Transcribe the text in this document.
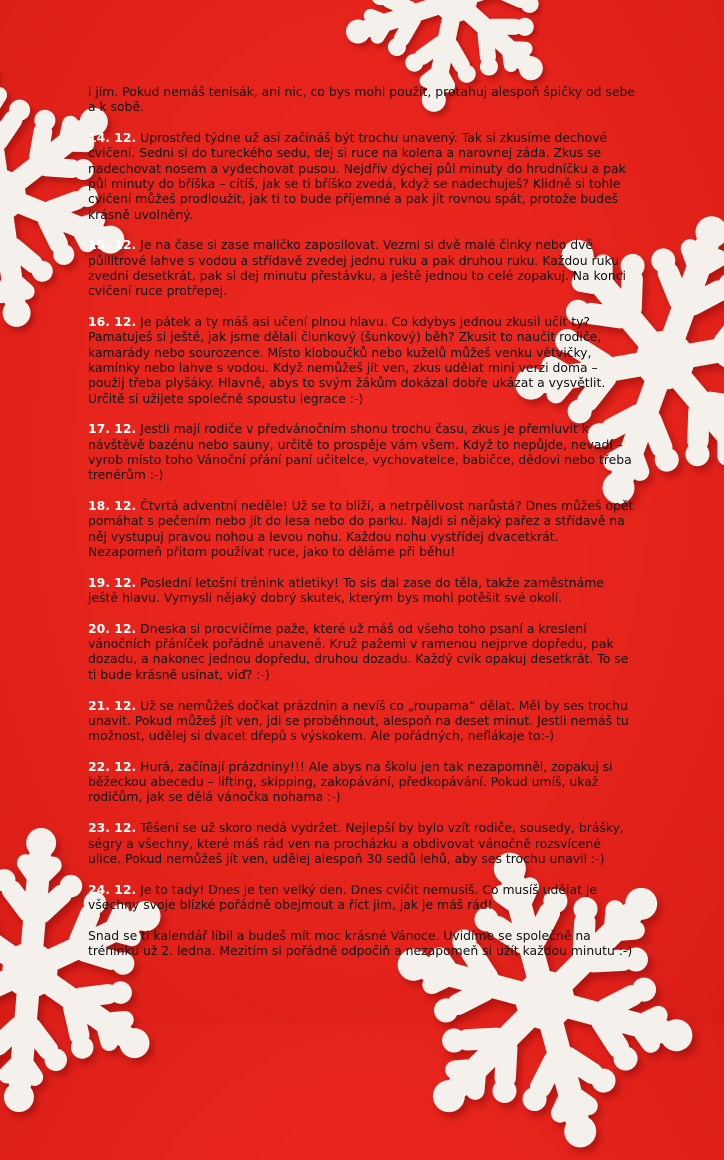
i jím. Pokud nemáš tenisák, ani nic, co bys mohl použít, protahuj alespoň špičky od sebe a k sobě.

14. 12. Uprostřed týdne už asi začínáš být trochu unavený. Tak si zkusíme dechové cvičení. Sedni si do tureckého sedu, dej si ruce na kolena a narovnej záda. Zkus se nadechovat nosem a vydechovat pusou. Nejdřív dýchej půl minuty do hrudníčku a pak půl minuty do bříška – cítíš, jak se ti bříško zvedá, když se nadechuješ? Klidně si tohle cvičení můžeš prodloužit, jak ti to bude příjemné a pak jít rovnou spát, protože budeš krásně uvolněný.

15. 12. Je na čase si zase maličko zaposilovat. Vezmi si dvě malé činky nebo dvě půllitrové lahve s vodou a střídavě zvedej jednu ruku a pak druhou ruku. Každou ruku zvedni desetkrát, pak si dej minutu přestávku, a ještě jednou to celé zopakuj. Na konci cvičení ruce protřepej.

16. 12. Je pátek a ty máš asi učení plnou hlavu. Co kdybys jednou zkusil učit ty? Pamatuješ si ještě, jak jsme dělali člunkový (šunkový) běh? Zkusit to naučit rodiče, kamarády nebo sourozence. Místo kloboučků nebo kuželů můžeš venku větvičky, kamínky nebo lahve s vodou. Když nemůžeš jít ven, zkus udělat mini verzi doma – použij třeba plyšáky. Hlavně, abys to svým žákům dokázal dobře ukázat a vysvětlit. Určitě si užijete společně spoustu legrace :-)

17. 12. Jestli mají rodiče v předvánočním shonu trochu času, zkus je přemluvit k návštěvě bazénu nebo sauny, určitě to prospěje vám všem. Když to nepůjde, nevadí – vyrob místo toho Vánoční přání paní učitelce, vychovatelce, babičce, dědovi nebo třeba trenérům :-)

18. 12. Čtvrtá adventní neděle! Už se to blíží, a netrpělivost narůstá? Dnes můžeš opět pomáhat s pečením nebo jít do lesa nebo do parku. Najdi si nějaký pařez a střídavě na něj vystupuj pravou nohou a levou nohu. Každou nohu vystřídej dvacetkrát. Nezapomeň přitom používat ruce, jako to děláme při běhu!

19. 12. Poslední letošní trénink atletiky! To sis dal zase do těla, takže zaměstnáme ještě hlavu. Vymysli nějaký dobrý skutek, kterým bys mohl potěšit své okolí.

20. 12. Dneska si procvičíme paže, které už máš od všeho toho psaní a kreslení vánočních přáníček pořádně unavené. Kruž pažemi v ramenou nejprve dopředu, pak dozadu, a nakonec jednou dopředu, druhou dozadu. Každý cvik opakuj desetkrát. To se ti bude krásně usínat, viď? :-)

21. 12. Už se nemůžeš dočkat prázdnin a nevíš co „roupama“ dělat. Měl by ses trochu unavit. Pokud můžeš jít ven, jdi se proběhnout, alespoň na deset minut. Jestli nemáš tu možnost, udělej si dvacet dřepů s výskokem. Ale pořádných, neflákaje to:-)

22. 12. Hurá, začínají prázdniny!!! Ale abys na školu jen tak nezapomněl, zopakuj si běžeckou abecedu – lifting, skipping, zakopávání, předkopávání. Pokud umíš, ukaž rodičům, jak se dělá vánočka nohama :-)

23. 12. Těšení se už skoro nedá vydržet. Nejlepší by bylo vzít rodiče, sousedy, brášky, ségry a všechny, které máš rád ven na procházku a obdivovat vánočně rozsvícené ulice. Pokud nemůžeš jít ven, udělej alespoň 30 sedů lehů, aby ses trochu unavil :-)

24. 12. Je to tady! Dnes je ten velký den. Dnes cvičit nemusíš. Co musíš udělat je všechny svoje blízké pořádně obejmout a říct jim, jak je máš rád!

Snad se ti kalendář líbil a budeš mít moc krásné Vánoce. Uvidíme se společně na tréninku už 2. ledna. Mezitím si pořádně odpočiň a nezapomeň si užít každou minutu :-)
